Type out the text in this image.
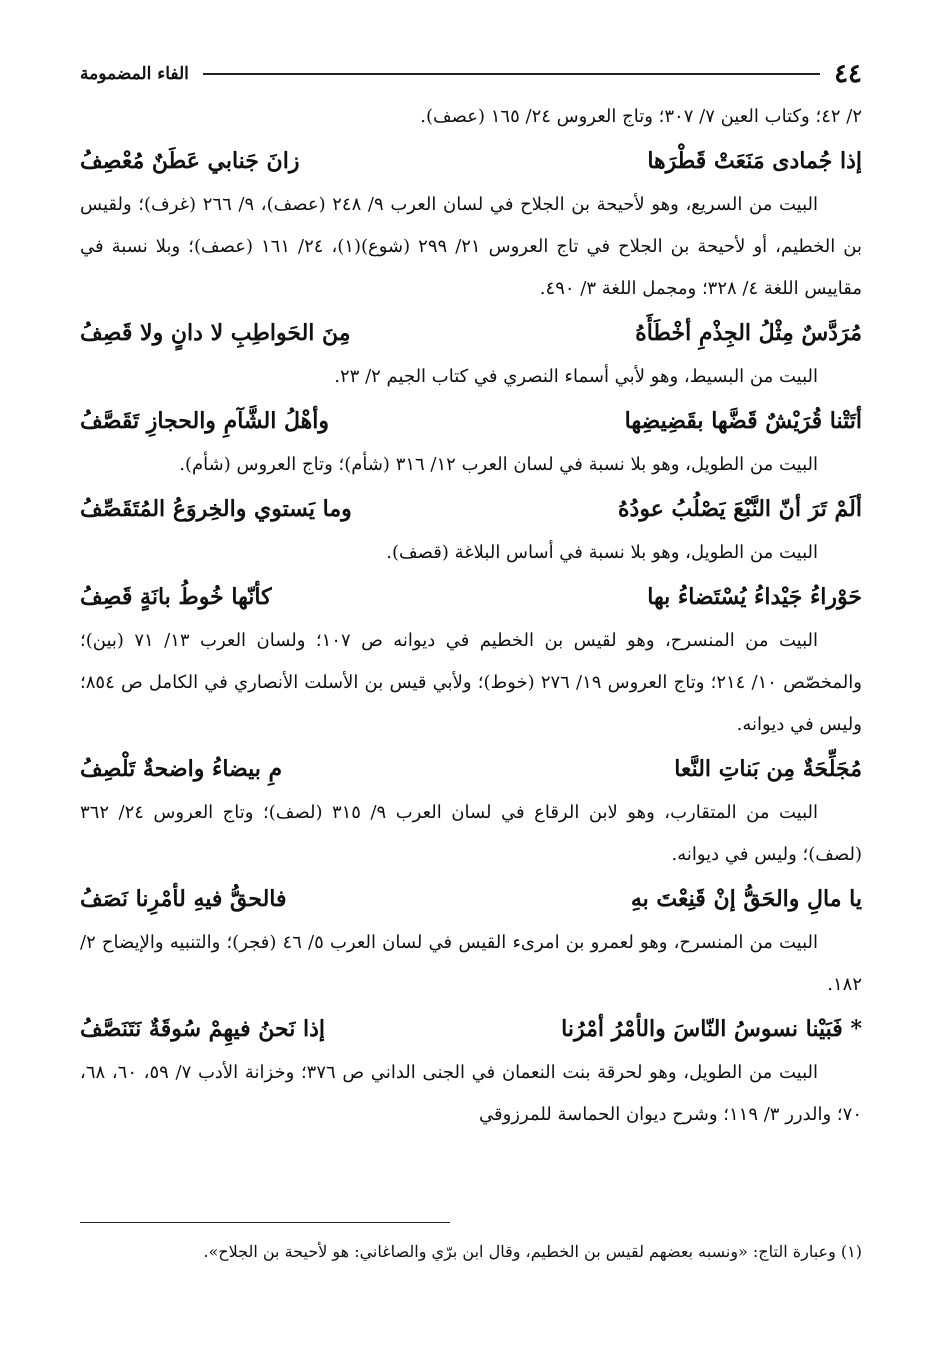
٤٤
الفاء المضمومة
٢/ ٤٢؛ وكتاب العين ٧/ ٣٠٧؛ وتاج العروس ٢٤/ ١٦٥ (عصف).
إذا جُمادى مَنَعَتْ قَطْرَها
زانَ جَنابي عَطَنٌ مُعْصِفُ
البيت من السريع، وهو لأحيحة بن الجلاح في لسان العرب ٩/ ٢٤٨ (عصف)، ٩/ ٢٦٦ (غرف)؛ ولقيس بن الخطيم، أو لأحيحة بن الجلاح في تاج العروس ٢١/ ٢٩٩ (شوع)(١)، ٢٤/ ١٦١ (عصف)؛ وبلا نسبة في مقاييس اللغة ٤/ ٣٢٨؛ ومجمل اللغة ٣/ ٤٩٠.
مُرَدَّسٌ مِثْلُ الجِذْمِ أخْطَأَهُ
مِنَ الحَواطِبِ لا دانٍ ولا قَصِفُ
البيت من البسيط، وهو لأبي أسماء النصري في كتاب الجيم ٢/ ٢٣.
أتَتْنا قُرَيْشٌ قَضَّها بقَضِيضِها
وأهْلُ الشَّآمِ والحجازِ تَقَصَّفُ
البيت من الطويل، وهو بلا نسبة في لسان العرب ١٢/ ٣١٦ (شأم)؛ وتاج العروس (شأم).
ألَمْ تَرَ أنّ النَّبْعَ يَصْلُبُ عودُهُ
وما يَستوي والخِروَعُ المُتَقَصِّفُ
البيت من الطويل، وهو بلا نسبة في أساس البلاغة (قصف).
حَوْراءُ جَيْداءُ يُسْتَضاءُ بها
كأنّها خُوطُ بانَةٍ قَصِفُ
البيت من المنسرح، وهو لقيس بن الخطيم في ديوانه ص ١٠٧؛ ولسان العرب ١٣/ ٧١ (بين)؛ والمخصّص ١٠/ ٢١٤؛ وتاج العروس ١٩/ ٢٧٦ (خوط)؛ ولأبي قيس بن الأسلت الأنصاري في الكامل ص ٨٥٤؛ وليس في ديوانه.
مُجَلِّحَةٌ مِن بَناتِ النَّعا
مِ بيضاءُ واضحةٌ تَلْصِفُ
البيت من المتقارب، وهو لابن الرقاع في لسان العرب ٩/ ٣١٥ (لصف)؛ وتاج العروس ٢٤/ ٣٦٢ (لصف)؛ وليس في ديوانه.
يا مالِ والحَقُّ إنْ قَنِعْتَ بهِ
فالحقُّ فيهِ لأمْرِنا نَصَفُ
البيت من المنسرح، وهو لعمرو بن امرىء القيس في لسان العرب ٥/ ٤٦ (فجر)؛ والتنبيه والإيضاح ٢/ ١٨٢.
* فَبَيْنا نسوسُ النّاسَ والأمْرُ أمْرُنا
إذا نَحنُ فيهِمْ سُوقَةٌ نَتَنَصَّفُ
البيت من الطويل، وهو لحرقة بنت النعمان في الجنى الداني ص ٣٧٦؛ وخزانة الأدب ٧/ ٥٩، ٦٠، ٦٨، ٧٠؛ والدرر ٣/ ١١٩؛ وشرح ديوان الحماسة للمرزوقي
(١) وعبارة التاج: «ونسبه بعضهم لقيس بن الخطيم، وقال ابن برّي والصاغاني: هو لأحيحة بن الجلاح».
